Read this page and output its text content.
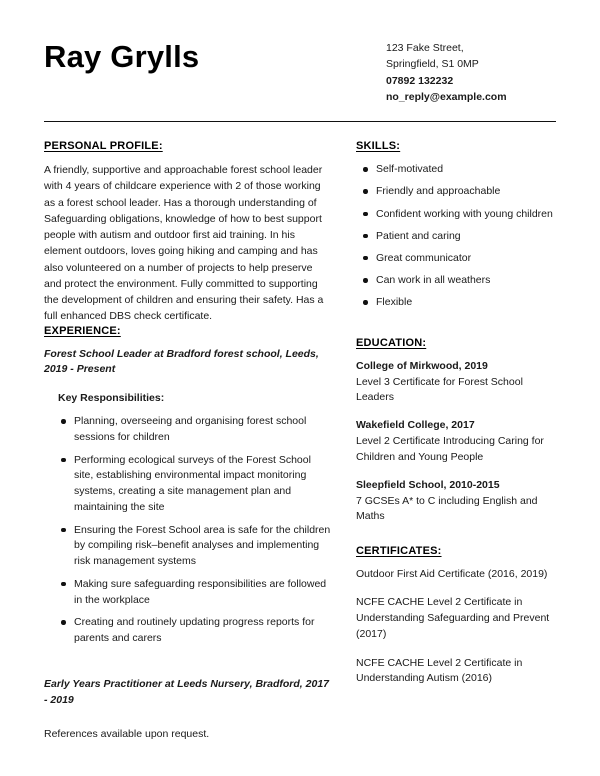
Ray Grylls	123 Fake Street,
Springfield, S1 0MP
07892 132232
no_reply@example.com
PERSONAL PROFILE:

A friendly, supportive and approachable forest school leader with 4 years of childcare experience with 2 of those working as a forest school leader. Has a thorough understanding of Safeguarding obligations, knowledge of how to best support people with autism and outdoor first aid training. In his element outdoors, loves going hiking and camping and has also volunteered on a number of projects to help preserve and protect the environment. Fully committed to supporting the development of children and ensuring their safety. Has a full enhanced DBS check certificate.

EXPERIENCE:

Forest School Leader at Bradford forest school, Leeds, 2019 - Present

Key Responsibilities:

Planning, overseeing and organising forest school sessions for children
Performing ecological surveys of the Forest School site, establishing environmental impact monitoring systems, creating a site management plan and maintaining the site
Ensuring the Forest School area is safe for the children by compiling risk–benefit analyses and implementing risk management systems
Making sure safeguarding responsibilities are followed in the workplace
Creating and routinely updating progress reports for parents and carers

Early Years Practitioner at Leeds Nursery, Bradford, 2017 - 2019

References available upon request.

SKILLS:
Self-motivated
Friendly and approachable
Confident working with young children
Patient and caring
Great communicator
Can work in all weathers
Flexible
EDUCATION:

College of Mirkwood, 2019

Level 3 Certificate for Forest School Leaders

Wakefield College, 2017

Level 2 Certificate Introducing Caring for Children and Young People

Sleepfield School, 2010-2015

7 GCSEs A* to C including English and Maths

CERTIFICATES:

Outdoor First Aid Certificate (2016, 2019)

NCFE CACHE Level 2 Certificate in Understanding Safeguarding and Prevent (2017)

NCFE CACHE Level 2 Certificate in Understanding Autism (2016)
